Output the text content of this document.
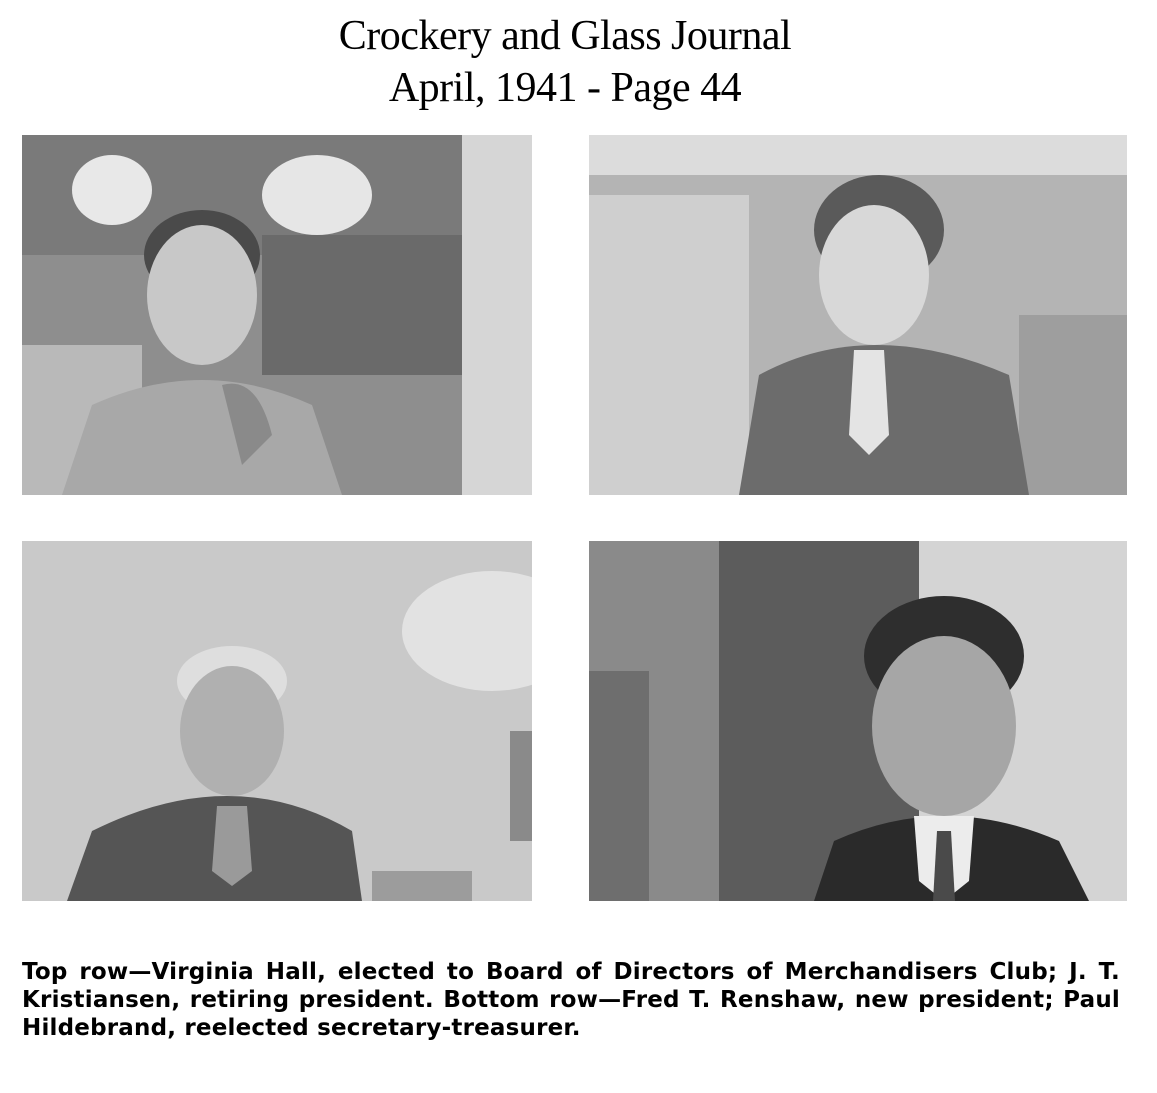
Crockery and Glass Journal
April, 1941 - Page 44
Top row—Virginia Hall, elected to Board of Directors of Merchandisers Club; J. T. Kristiansen, retiring president. Bottom row—Fred T. Renshaw, new president; Paul Hildebrand, reelected secretary-treasurer.
